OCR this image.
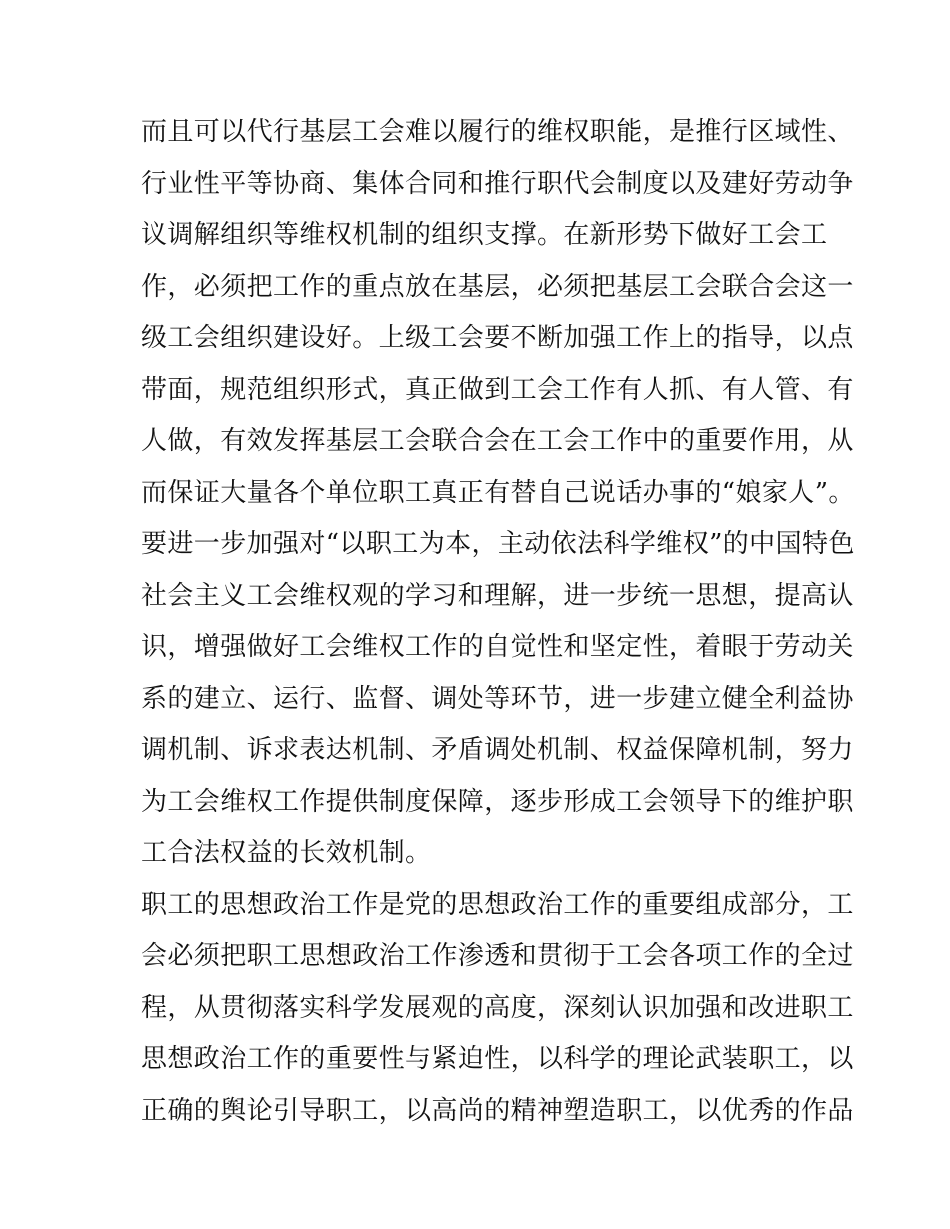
而且可以代行基层工会难以履行的维权职能，是推行区域性、
行业性平等协商、集体合同和推行职代会制度以及建好劳动争
议调解组织等维权机制的组织支撑。在新形势下做好工会工
作，必须把工作的重点放在基层，必须把基层工会联合会这一
级工会组织建设好。上级工会要不断加强工作上的指导，以点
带面，规范组织形式，真正做到工会工作有人抓、有人管、有
人做，有效发挥基层工会联合会在工会工作中的重要作用，从
而保证大量各个单位职工真正有替自己说话办事的“娘家人”。
要进一步加强对“以职工为本，主动依法科学维权”的中国特色
社会主义工会维权观的学习和理解，进一步统一思想，提高认
识，增强做好工会维权工作的自觉性和坚定性，着眼于劳动关
系的建立、运行、监督、调处等环节，进一步建立健全利益协
调机制、诉求表达机制、矛盾调处机制、权益保障机制，努力
为工会维权工作提供制度保障，逐步形成工会领导下的维护职
工合法权益的长效机制。
职工的思想政治工作是党的思想政治工作的重要组成部分，工
会必须把职工思想政治工作渗透和贯彻于工会各项工作的全过
程，从贯彻落实科学发展观的高度，深刻认识加强和改进职工
思想政治工作的重要性与紧迫性，以科学的理论武装职工，以
正确的舆论引导职工，以高尚的精神塑造职工，以优秀的作品
